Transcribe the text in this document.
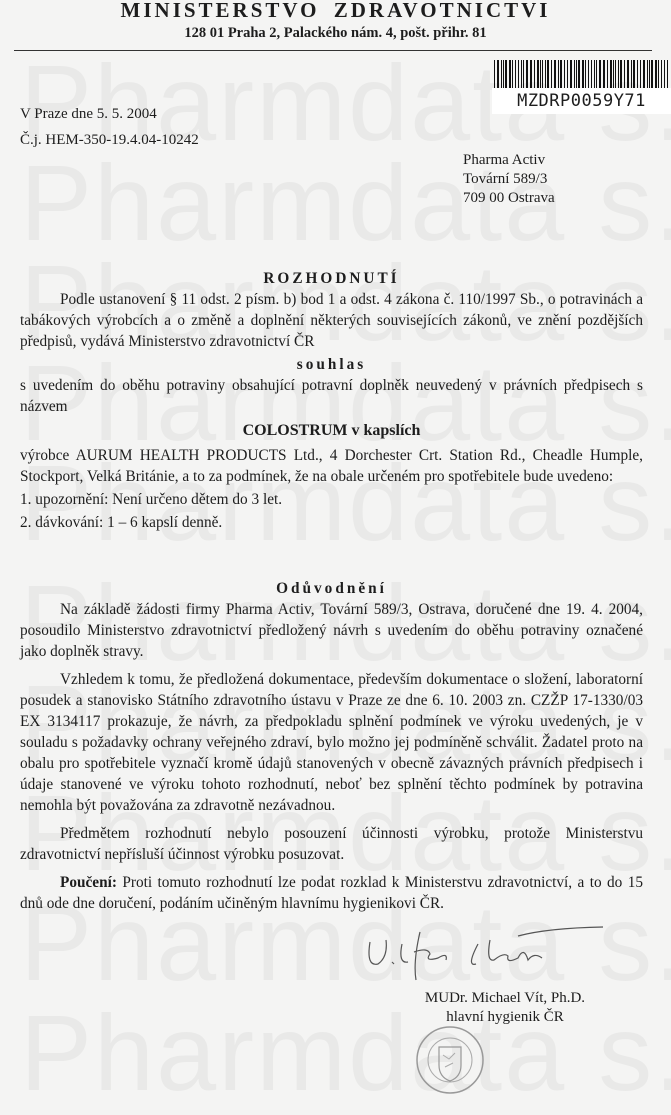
MINISTERSTVO ZDRAVOTNICTVI
128 01 Praha 2, Palackého nám. 4, pošt. přihr. 81
MZDRP0059Y71
V Praze dne 5. 5. 2004
Č.j. HEM-350-19.4.04-10242
Pharma Activ
Tovární 589/3
709 00 Ostrava

ROZHODNUTÍ

Podle ustanovení § 11 odst. 2 písm. b) bod 1 a odst. 4 zákona č. 110/1997 Sb., o potravinách a tabákových výrobcích a o změně a doplnění některých souvisejících zákonů, ve znění pozdějších předpisů, vydává Ministerstvo zdravotnictví ČR

souhlas

s uvedením do oběhu potraviny obsahující potravní doplněk neuvedený v právních předpisech s názvem

COLOSTRUM v kapslích

výrobce AURUM HEALTH PRODUCTS Ltd., 4 Dorchester Crt. Station Rd., Cheadle Humple, Stockport, Velká Británie, a to za podmínek, že na obale určeném pro spotřebitele bude uvedeno:

1. upozornění: Není určeno dětem do 3 let.

2. dávkování: 1 – 6 kapslí denně.

Odůvodnění

Na základě žádosti firmy Pharma Activ, Tovární 589/3, Ostrava, doručené dne 19. 4. 2004, posoudilo Ministerstvo zdravotnictví předložený návrh s uvedením do oběhu potraviny označené jako doplněk stravy.

Vzhledem k tomu, že předložená dokumentace, především dokumentace o složení, laboratorní posudek a stanovisko Státního zdravotního ústavu v Praze ze dne 6. 10. 2003 zn. CZŽP 17-1330/03 EX 3134117 prokazuje, že návrh, za předpokladu splnění podmínek ve výroku uvedených, je v souladu s požadavky ochrany veřejného zdraví, bylo možno jej podmíněně schválit. Žadatel proto na obalu pro spotřebitele vyznačí kromě údajů stanovených v obecně závazných právních předpisech i údaje stanovené ve výroku tohoto rozhodnutí, neboť bez splnění těchto podmínek by potravina nemohla být považována za zdravotně nezávadnou.

Předmětem rozhodnutí nebylo posouzení účinnosti výrobku, protože Ministerstvu zdravotnictví nepřísluší účinnost výrobku posuzovat.

Poučení: Proti tomuto rozhodnutí lze podat rozklad k Ministerstvu zdravotnictví, a to do 15 dnů ode dne doručení, podáním učiněným hlavnímu hygienikovi ČR.

MUDr. Michael Vít, Ph.D.
hlavní hygienik ČR
